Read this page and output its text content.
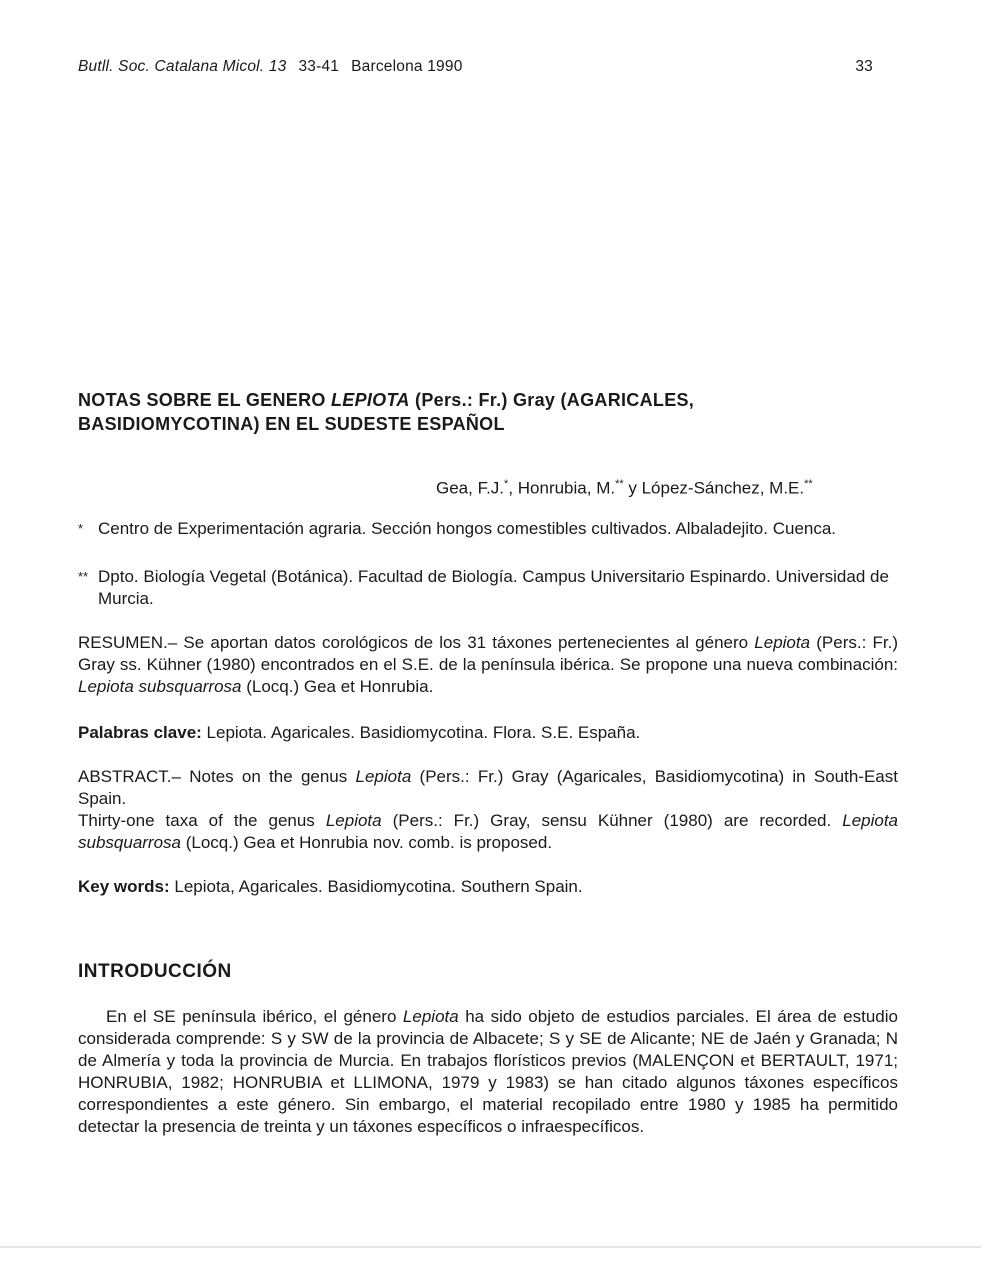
Butll. Soc. Catalana Micol. 13 33-41 Barcelona 1990	33
NOTAS SOBRE EL GENERO LEPIOTA (Pers.: Fr.) Gray (AGARICALES,
BASIDIOMYCOTINA) EN EL SUDESTE ESPAÑOL
Gea, F.J.*, Honrubia, M.** y López-Sánchez, M.E.**
* Centro de Experimentación agraria. Sección hongos comestibles cultivados. Albaladejito. Cuenca.
** Dpto. Biología Vegetal (Botánica). Facultad de Biología. Campus Universitario Espinardo. Universidad de Murcia.
RESUMEN.– Se aportan datos corológicos de los 31 táxones pertenecientes al género Lepiota (Pers.: Fr.) Gray ss. Kühner (1980) encontrados en el S.E. de la península ibérica. Se propone una nueva combinación: Lepiota subsquarrosa (Locq.) Gea et Honrubia.
Palabras clave: Lepiota. Agaricales. Basidiomycotina. Flora. S.E. España.
ABSTRACT.– Notes on the genus Lepiota (Pers.: Fr.) Gray (Agaricales, Basidiomycotina) in South-East Spain.
Thirty-one taxa of the genus Lepiota (Pers.: Fr.) Gray, sensu Kühner (1980) are recorded. Lepiota subsquarrosa (Locq.) Gea et Honrubia nov. comb. is proposed.
Key words: Lepiota, Agaricales. Basidiomycotina. Southern Spain.
INTRODUCCIÓN
En el SE península ibérico, el género Lepiota ha sido objeto de estudios parciales. El área de estudio considerada comprende: S y SW de la provincia de Albacete; S y SE de Alicante; NE de Jaén y Granada; N de Almería y toda la provincia de Murcia. En trabajos florísticos previos (MALENÇON et BERTAULT, 1971; HONRUBIA, 1982; HONRUBIA et LLIMONA, 1979 y 1983) se han citado algunos táxones específicos correspondientes a este género. Sin embargo, el material recopilado entre 1980 y 1985 ha permitido detectar la presencia de treinta y un táxones específicos o infraespecíficos.
